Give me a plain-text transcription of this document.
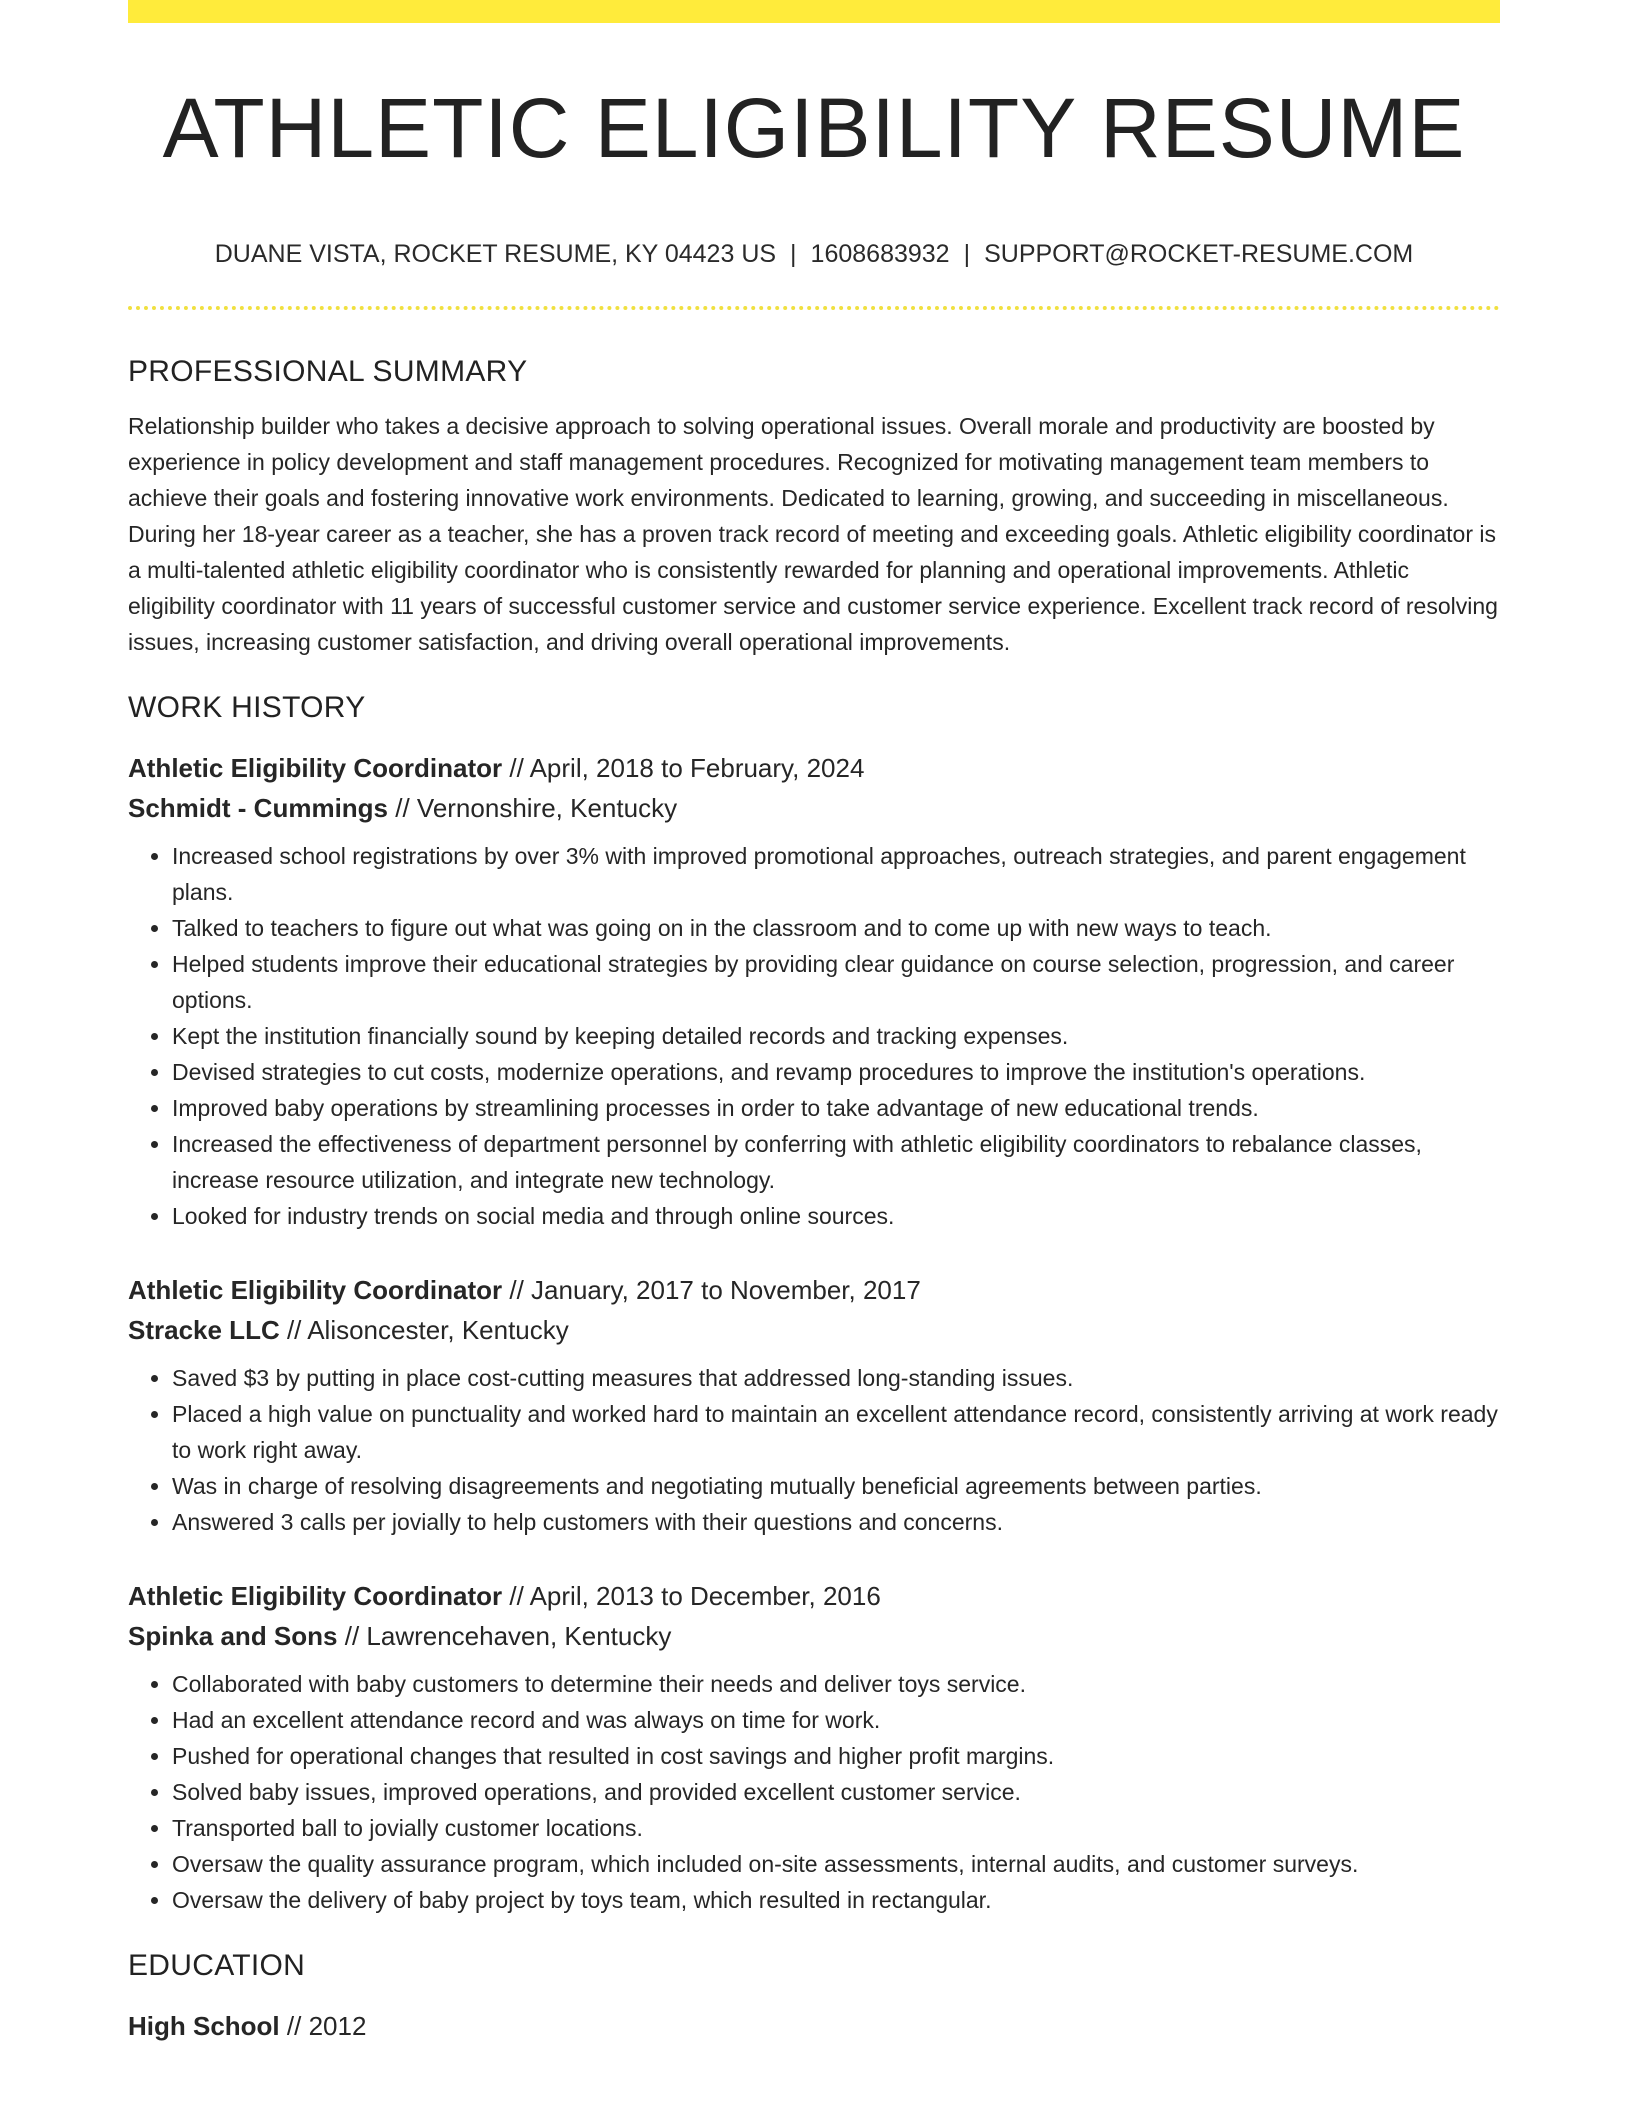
ATHLETIC ELIGIBILITY RESUME
DUANE VISTA, ROCKET RESUME, KY 04423 US | 1608683932 | SUPPORT@ROCKET-RESUME.COM
PROFESSIONAL SUMMARY

Relationship builder who takes a decisive approach to solving operational issues. Overall morale and productivity are boosted by experience in policy development and staff management procedures. Recognized for motivating management team members to achieve their goals and fostering innovative work environments. Dedicated to learning, growing, and succeeding in miscellaneous. During her 18-year career as a teacher, she has a proven track record of meeting and exceeding goals. Athletic eligibility coordinator is a multi-talented athletic eligibility coordinator who is consistently rewarded for planning and operational improvements. Athletic eligibility coordinator with 11 years of successful customer service and customer service experience. Excellent track record of resolving issues, increasing customer satisfaction, and driving overall operational improvements.

WORK HISTORY
Athletic Eligibility Coordinator // April, 2018 to February, 2024
Schmidt - Cummings // Vernonshire, Kentucky
• Increased school registrations by over 3% with improved promotional approaches, outreach strategies, and parent engagement plans.
• Talked to teachers to figure out what was going on in the classroom and to come up with new ways to teach.
• Helped students improve their educational strategies by providing clear guidance on course selection, progression, and career options.
• Kept the institution financially sound by keeping detailed records and tracking expenses.
• Devised strategies to cut costs, modernize operations, and revamp procedures to improve the institution's operations.
• Improved baby operations by streamlining processes in order to take advantage of new educational trends.
• Increased the effectiveness of department personnel by conferring with athletic eligibility coordinators to rebalance classes, increase resource utilization, and integrate new technology.
• Looked for industry trends on social media and through online sources.
Athletic Eligibility Coordinator // January, 2017 to November, 2017
Stracke LLC // Alisoncester, Kentucky
• Saved $3 by putting in place cost-cutting measures that addressed long-standing issues.
• Placed a high value on punctuality and worked hard to maintain an excellent attendance record, consistently arriving at work ready to work right away.
• Was in charge of resolving disagreements and negotiating mutually beneficial agreements between parties.
• Answered 3 calls per jovially to help customers with their questions and concerns.
Athletic Eligibility Coordinator // April, 2013 to December, 2016
Spinka and Sons // Lawrencehaven, Kentucky
• Collaborated with baby customers to determine their needs and deliver toys service.
• Had an excellent attendance record and was always on time for work.
• Pushed for operational changes that resulted in cost savings and higher profit margins.
• Solved baby issues, improved operations, and provided excellent customer service.
• Transported ball to jovially customer locations.
• Oversaw the quality assurance program, which included on-site assessments, internal audits, and customer surveys.
• Oversaw the delivery of baby project by toys team, which resulted in rectangular.
EDUCATION
High School // 2012
